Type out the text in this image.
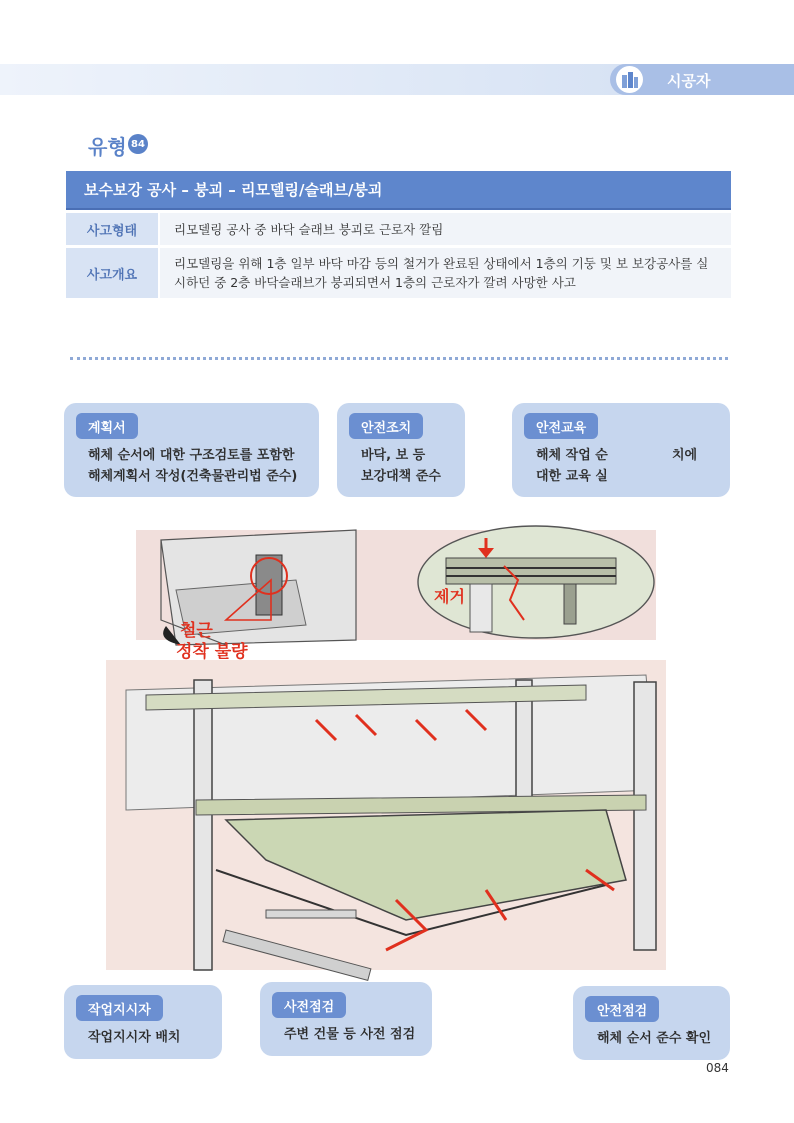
시공자
유형 84
보수보강 공사 – 붕괴 – 리모델링/슬래브/붕괴
사고형태	리모델링 공사 중 바닥 슬래브 붕괴로 근로자 깔림
사고개요
리모델링을 위해 1층 일부 바닥 마감 등의 철거가 완료된 상태에서 1층의 기둥 및 보 보강공사를 실시하던 중 2층 바닥슬래브가 붕괴되면서 1층의 근로자가 깔려 사망한 사고
철근
정착 불량
제거
계획서
해체 순서에 대한 구조검토를 포함한
해체계획서 작성(건축물관리법 준수)
안전조치
바닥, 보 등
보강대책 준수
안전교육
해체 작업 순	치에
대한 교육 실
작업지시자
작업지시자 배치
사전점검
주변 건물 등 사전 점검
안전점검
해체 순서 준수 확인
084
